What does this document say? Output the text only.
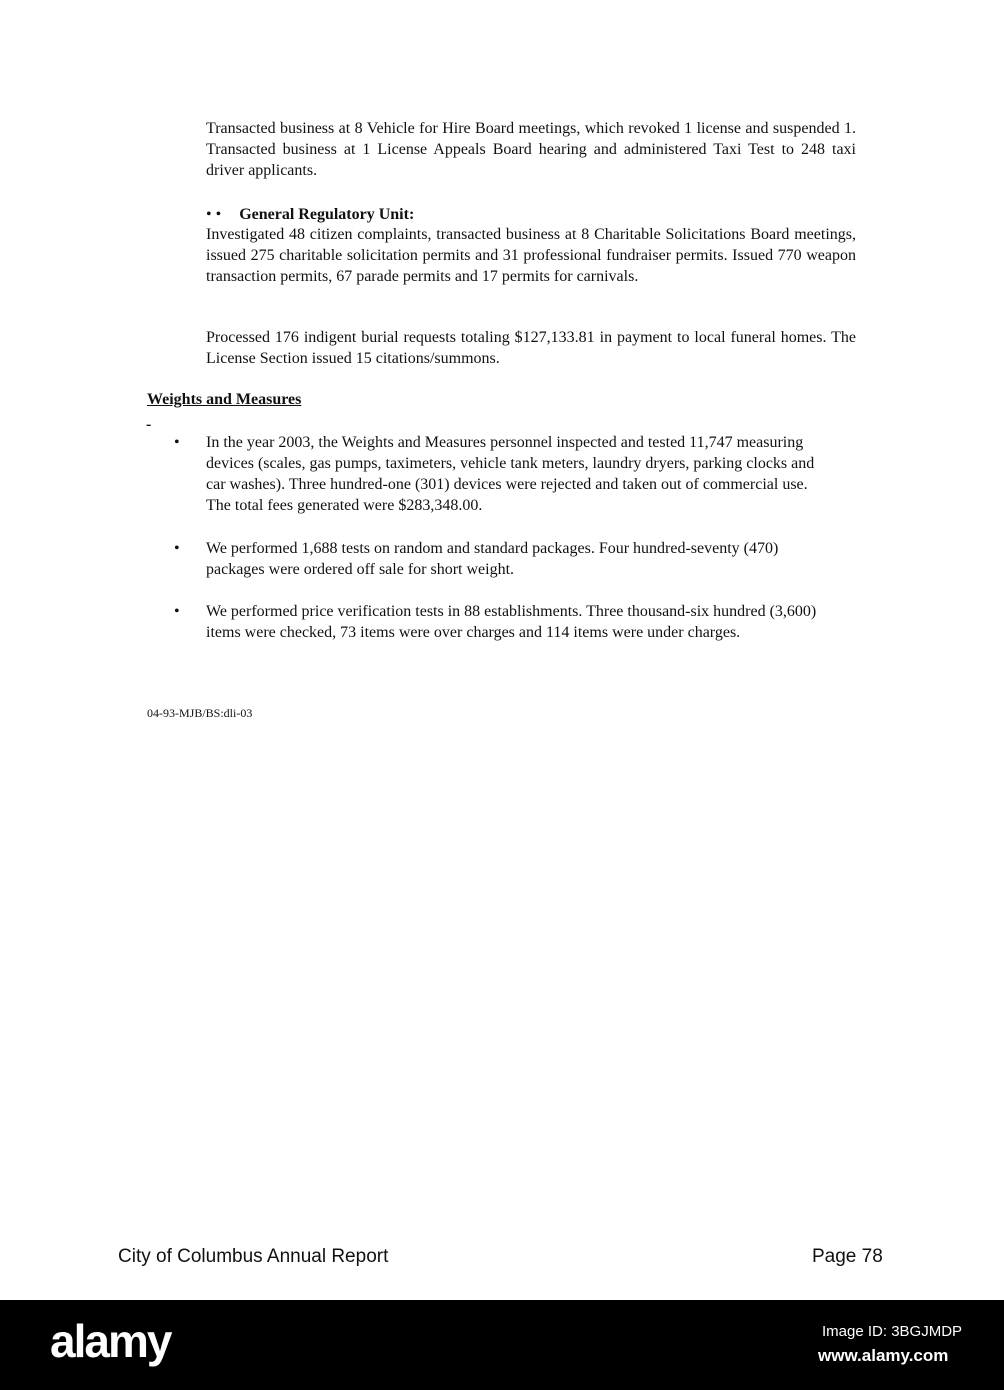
Transacted business at 8 Vehicle for Hire Board meetings, which revoked 1 license and suspended 1. Transacted business at 1 License Appeals Board hearing and administered Taxi Test to 248 taxi driver applicants.

• • General Regulatory Unit:

Investigated 48 citizen complaints, transacted business at 8 Charitable Solicitations Board meetings, issued 275 charitable solicitation permits and 31 professional fundraiser permits. Issued 770 weapon transaction permits, 67 parade permits and 17 permits for carnivals.

Processed 176 indigent burial requests totaling $127,133.81 in payment to local funeral homes. The License Section issued 15 citations/summons.

Weights and Measures
-
• In the year 2003, the Weights and Measures personnel inspected and tested 11,747 measuring devices (scales, gas pumps, taximeters, vehicle tank meters, laundry dryers, parking clocks and car washes). Three hundred-one (301) devices were rejected and taken out of commercial use. The total fees generated were $283,348.00.

• We performed 1,688 tests on random and standard packages. Four hundred-seventy (470) packages were ordered off sale for short weight.

• We performed price verification tests in 88 establishments. Three thousand-six hundred (3,600) items were checked, 73 items were over charges and 114 items were under charges.

04-93-MJB/BS:dli-03
City of Columbus Annual Report	Page 78
alamy	Image ID: 3BGJMDP
www.alamy.com
